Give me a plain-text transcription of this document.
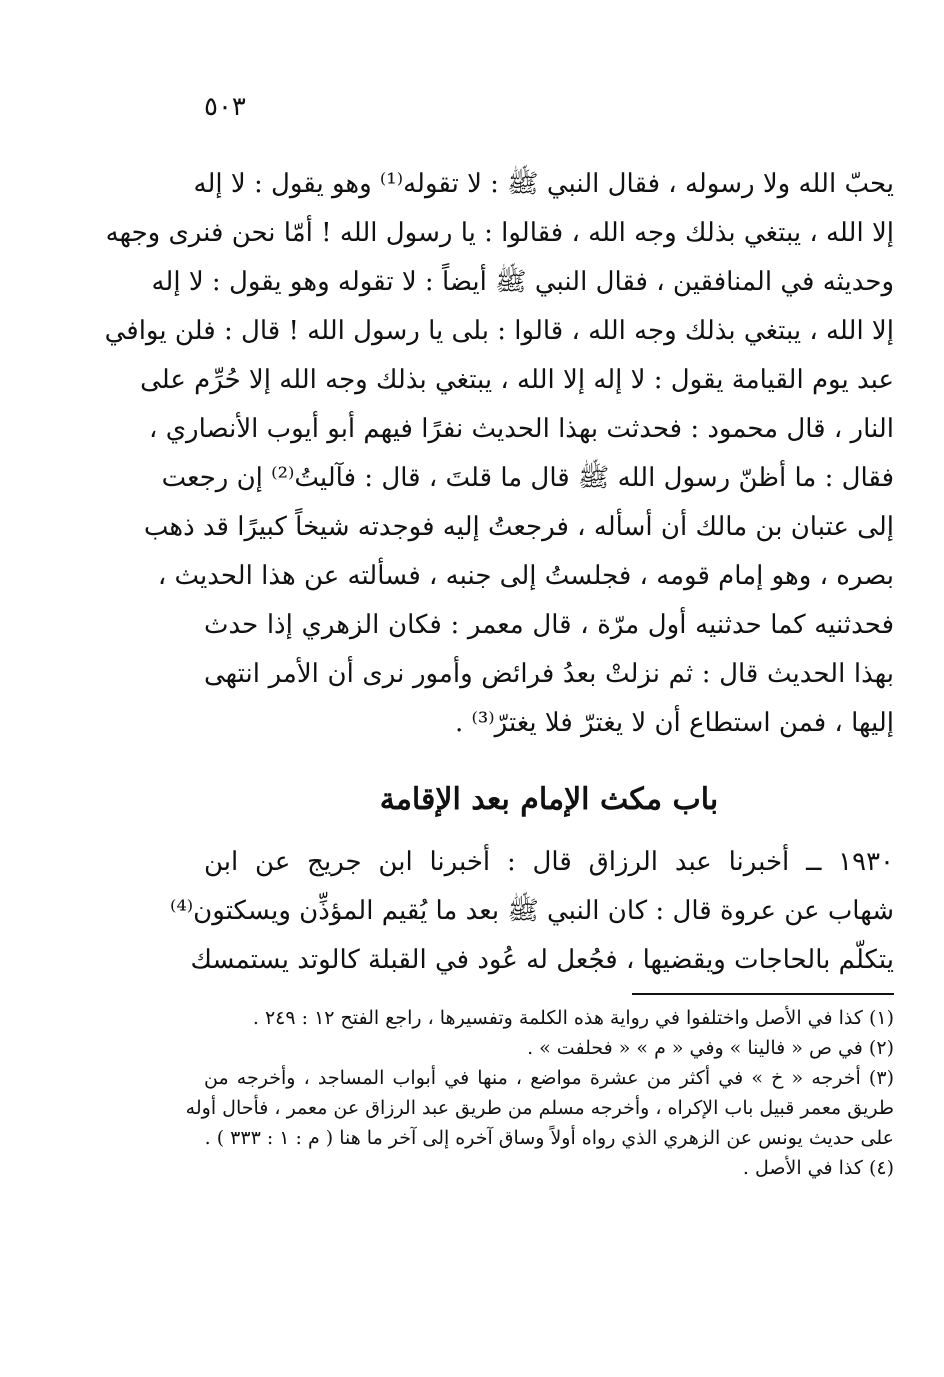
٥٠٣
يحبّ الله ولا رسوله ، فقال النبي ﷺ : لا تقوله⁽¹⁾ وهو يقول : لا إله
إلا الله ، يبتغي بذلك وجه الله ، فقالوا : يا رسول الله ! أمّا نحن فنرى وجهه
وحديثه في المنافقين ، فقال النبي ﷺ أيضاً : لا تقوله وهو يقول : لا إله
إلا الله ، يبتغي بذلك وجه الله ، قالوا : بلى يا رسول الله ! قال : فلن يوافي
عبد يوم القيامة يقول : لا إله إلا الله ، يبتغي بذلك وجه الله إلا حُرِّم على
النار ، قال محمود : فحدثت بهذا الحديث نفرًا فيهم أبو أيوب الأنصاري ،
فقال : ما أظنّ رسول الله ﷺ قال ما قلتَ ، قال : فآليتُ⁽²⁾ إن رجعت
إلى عتبان بن مالك أن أسأله ، فرجعتُ إليه فوجدته شيخاً كبيرًا قد ذهب
بصره ، وهو إمام قومه ، فجلستُ إلى جنبه ، فسألته عن هذا الحديث ،
فحدثنيه كما حدثنيه أول مرّة ، قال معمر : فكان الزهري إذا حدث
بهذا الحديث قال : ثم نزلتْ بعدُ فرائض وأمور نرى أن الأمر انتهى
إليها ، فمن استطاع أن لا يغترّ فلا يغترّ⁽³⁾ .
باب مكث الإمام بعد الإقامة
١٩٣٠ ــ أخبرنا عبد الرزاق قال : أخبرنا ابن جريج عن ابن
شهاب عن عروة قال : كان النبي ﷺ بعد ما يُقيم المؤذِّن ويسكتون⁽⁴⁾
يتكلّم بالحاجات ويقضيها ، فجُعل له عُود في القبلة كالوتد يستمسك
(١) كذا في الأصل واختلفوا في رواية هذه الكلمة وتفسيرها ، راجع الفتح ١٢ : ٢٤٩ .
(٢) في ص « فالينا » وفي « م » « فحلفت » .
(٣) أخرجه « خ » في أكثر من عشرة مواضع ، منها في أبواب المساجد ، وأخرجه من
طريق معمر قبيل باب الإكراه ، وأخرجه مسلم من طريق عبد الرزاق عن معمر ، فأحال أوله
على حديث يونس عن الزهري الذي رواه أولاً وساق آخره إلى آخر ما هنا ( م : ١ : ٣٣٣ ) .
(٤) كذا في الأصل .
